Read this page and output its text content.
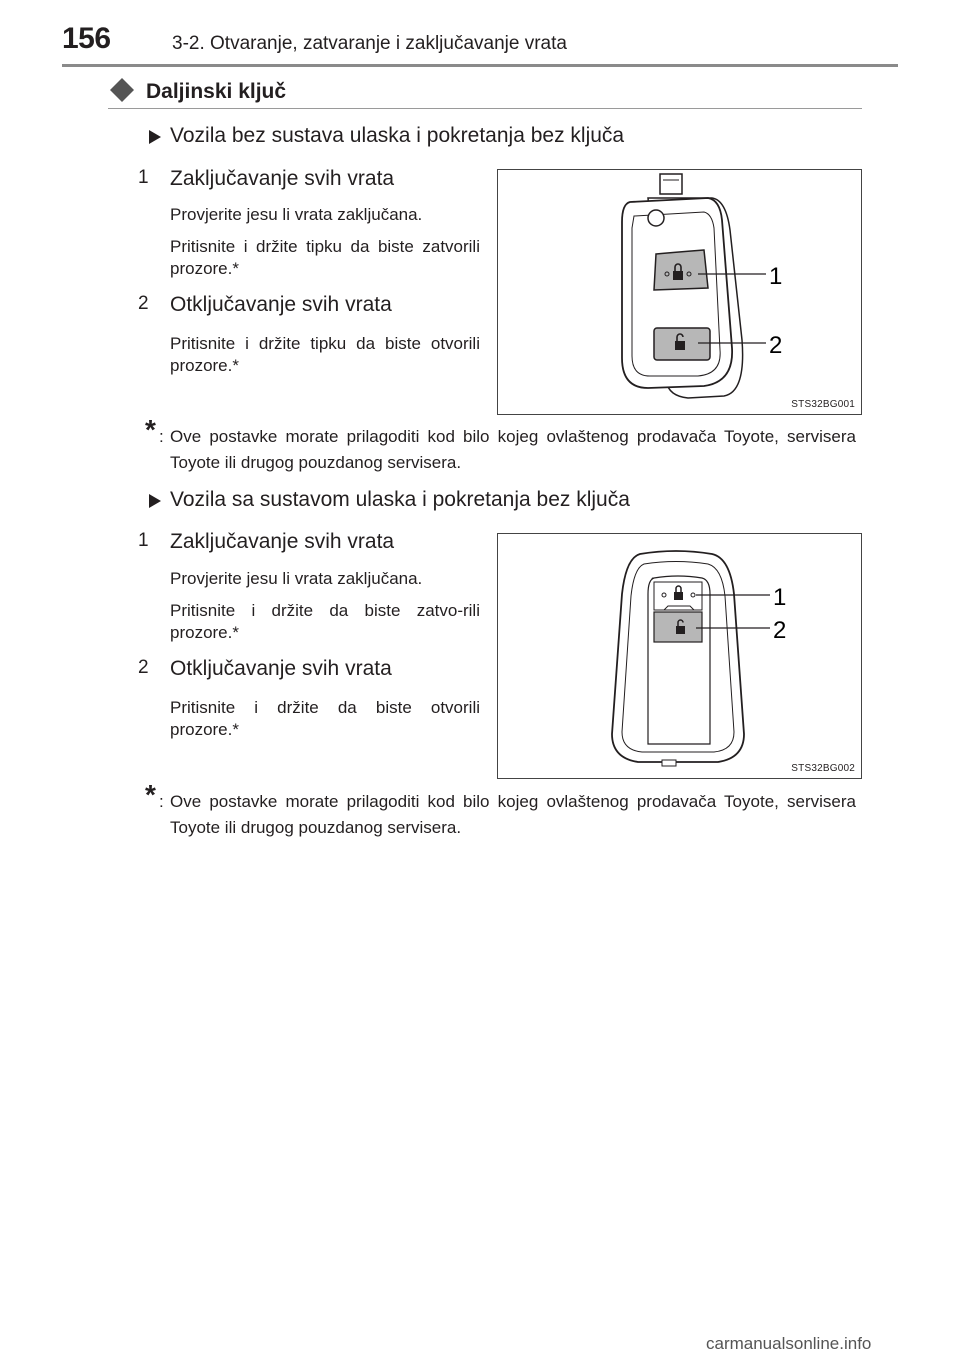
156	3-2. Otvaranje, zatvaranje i zaključavanje vrata
Daljinski ključ
Vozila bez sustava ulaska i pokretanja bez ključa
1	Zaključavanje svih vrata
Provjerite jesu li vrata zaključana.
Pritisnite i držite tipku da biste zatvorili prozore.*
2	Otključavanje svih vrata
Pritisnite i držite tipku da biste otvorili prozore.*
1
2
STS32BG001
* : Ove postavke morate prilagoditi kod bilo kojeg ovlaštenog prodavača Toyote, servisera Toyote ili drugog pouzdanog servisera.
Vozila sa sustavom ulaska i pokretanja bez ključa
1	Zaključavanje svih vrata
Provjerite jesu li vrata zaključana.
Pritisnite i držite da biste zatvo-rili prozore.*
2	Otključavanje svih vrata
Pritisnite i držite da biste otvorili prozore.*
1
2
STS32BG002
* : Ove postavke morate prilagoditi kod bilo kojeg ovlaštenog prodavača Toyote, servisera Toyote ili drugog pouzdanog servisera.
carmanualsonline.info
